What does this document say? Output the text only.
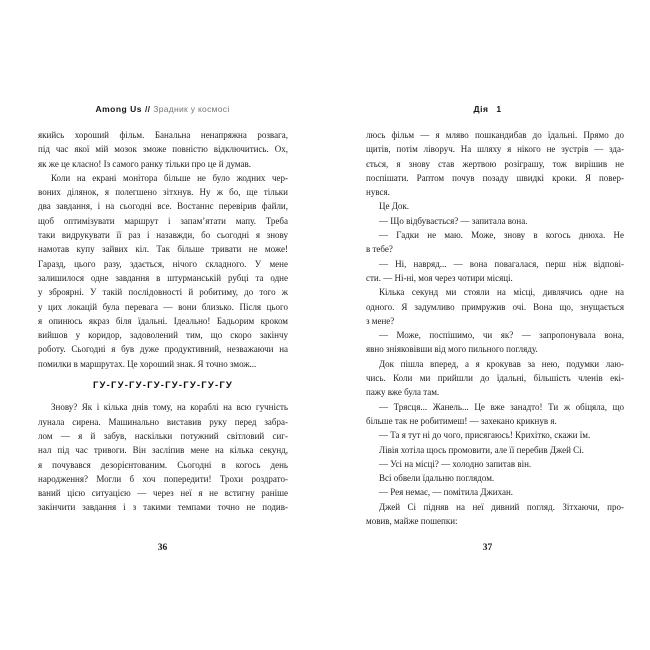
Among Us // Зрадник у космосі
якийсь хороший фільм. Банальна ненапряжна розвага,
під час якої мій мозок зможе повністю відключитись. Ох,
як же це класно! Із самого ранку тільки про це й думав.
Коли на екрані монітора більше не було жодних чер-
воних ділянок, я полегшено зітхнув. Ну ж бо, ще тільки
два завдання, і на сьогодні все. Востаннє перевірив файли,
щоб оптимізувати маршрут і запам’ятати мапу. Треба
таки видрукувати її раз і назавжди, бо сьогодні я знову
намотав купу зайвих кіл. Так більше тривати не може!
Гаразд, цього разу, здається, нічого складного. У мене
залишилося одне завдання в штурманській рубці та одне
у зброярні. У такій послідовності й робитиму, до того ж
у цих локацій була перевага — вони близько. Після цього
я опинюсь якраз біля їдальні. Ідеально! Бадьорим кроком
вийшов у коридор, задоволений тим, що скоро закінчу
роботу. Сьогодні я був дуже продуктивний, незважаючи на
помилки в маршрутах. Це хороший знак. Я точно змож...
ГУ-ГУ-ГУ-ГУ-ГУ-ГУ-ГУ-ГУ
Знову? Як і кілька днів тому, на кораблі на всю гучність
лунала сирена. Машинально виставив руку перед забра-
лом — я й забув, наскільки потужний світловий сиг-
нал під час тривоги. Він засліпив мене на кілька секунд,
я почувався дезорієнтованим. Сьогодні в когось день
народження? Могли б хоч попередити! Трохи роздрато-
ваний цією ситуацією — через неї я не встигну раніше
закінчити завдання і з такими темпами точно не подив-
36
Дія 1
люсь фільм — я мляво пошкандибав до їдальні. Прямо до
щитів, потім ліворуч. На шляху я нікого не зустрів — зда-
ється, я знову став жертвою розіграшу, тож вирішив не
поспішати. Раптом почув позаду швидкі кроки. Я повер-
нувся.
Це Док.
— Що відбувається? — запитала вона.
— Гадки не маю. Може, знову в когось днюха. Не
в тебе?
— Ні, навряд... — вона повагалася, перш ніж відпові-
сти. — Ні-ні, моя через чотири місяці.
Кілька секунд ми стояли на місці, дивлячись одне на
одного. Я задумливо примружив очі. Вона що, знущається
з мене?
— Може, поспішимо, чи як? — запропонувала вона,
явно зніяковівши від мого пильного погляду.
Док пішла вперед, а я крокував за нею, подумки лаю-
чись. Коли ми прийшли до їдальні, більшість членів екі-
пажу вже була там.
— Трясця... Жанель... Це вже занадто! Ти ж обіцяла, що
більше так не робитимеш! — захекано крикнув я.
— Та я тут ні до чого, присягаюсь! Крихітко, скажи їм.
Лівія хотіла щось промовити, але її перебив Джей Сі.
— Усі на місці? — холодно запитав він.
Всі обвели їдальню поглядом.
— Рея немає, — помітила Джихан.
Джей Сі підняв на неї дивний погляд. Зітхаючи, про-
мовив, майже пошепки:
37
